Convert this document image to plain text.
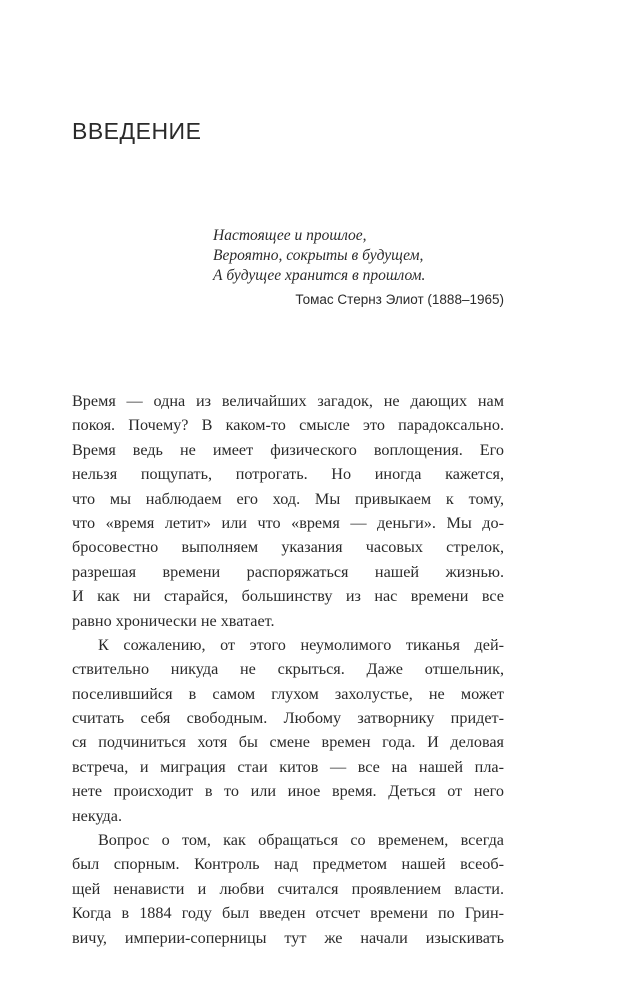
ВВЕДЕНИЕ
Настоящее и прошлое,
Вероятно, сокрыты в будущем,
А будущее хранится в прошлом.
Томас Стернз Элиот (1888–1965)
Время — одна из величайших загадок, не дающих нам
покоя. Почему? В каком-то смысле это парадоксально.
Время ведь не имеет физического воплощения. Его
нельзя пощупать, потрогать. Но иногда кажется,
что мы наблюдаем его ход. Мы привыкаем к тому,
что «время летит» или что «время — деньги». Мы до-
бросовестно выполняем указания часовых стрелок,
разрешая времени распоряжаться нашей жизнью.
И как ни старайся, большинству из нас времени все
равно хронически не хватает.
К сожалению, от этого неумолимого тиканья дей-
ствительно никуда не скрыться. Даже отшельник,
поселившийся в самом глухом захолустье, не может
считать себя свободным. Любому затворнику придет-
ся подчиниться хотя бы смене времен года. И деловая
встреча, и миграция стаи китов — все на нашей пла-
нете происходит в то или иное время. Деться от него
некуда.
Вопрос о том, как обращаться со временем, всегда
был спорным. Контроль над предметом нашей всеоб-
щей ненависти и любви считался проявлением власти.
Когда в 1884 году был введен отсчет времени по Грин-
вичу, империи-соперницы тут же начали изыскивать
